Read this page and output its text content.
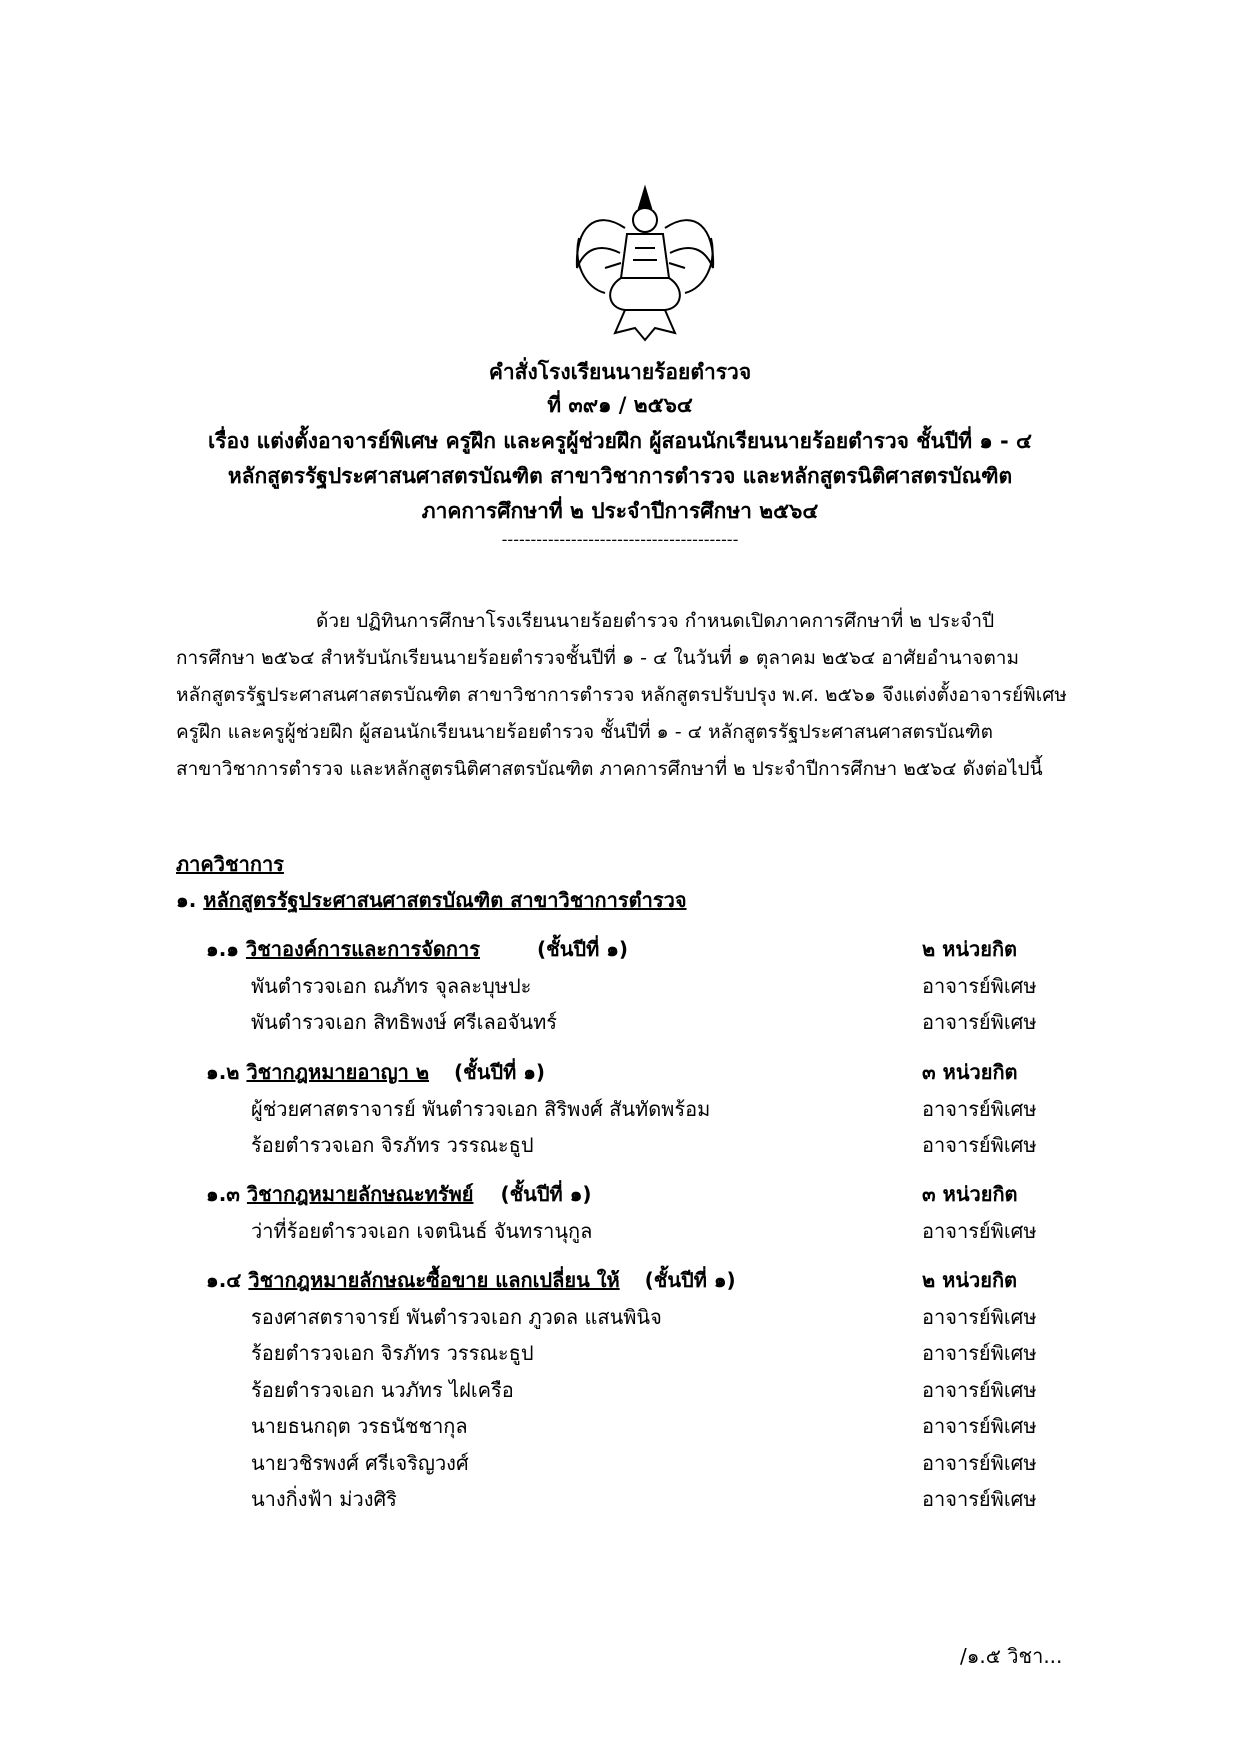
คำสั่งโรงเรียนนายร้อยตำรวจ
ที่ ๓๙๑ / ๒๕๖๔
เรื่อง แต่งตั้งอาจารย์พิเศษ ครูฝึก และครูผู้ช่วยฝึก ผู้สอนนักเรียนนายร้อยตำรวจ ชั้นปีที่ ๑ - ๔
หลักสูตรรัฐประศาสนศาสตรบัณฑิต สาขาวิชาการตำรวจ และหลักสูตรนิติศาสตรบัณฑิต
ภาคการศึกษาที่ ๒ ประจำปีการศึกษา ๒๕๖๔
-----------------------------------------

ด้วย ปฏิทินการศึกษาโรงเรียนนายร้อยตำรวจ กำหนดเปิดภาคการศึกษาที่ ๒ ประจำปี

การศึกษา ๒๕๖๔ สำหรับนักเรียนนายร้อยตำรวจชั้นปีที่ ๑ - ๔ ในวันที่ ๑ ตุลาคม ๒๕๖๔ อาศัยอำนาจตาม

หลักสูตรรัฐประศาสนศาสตรบัณฑิต สาขาวิชาการตำรวจ หลักสูตรปรับปรุง พ.ศ. ๒๕๖๑ จึงแต่งตั้งอาจารย์พิเศษ

ครูฝึก และครูผู้ช่วยฝึก ผู้สอนนักเรียนนายร้อยตำรวจ ชั้นปีที่ ๑ - ๔ หลักสูตรรัฐประศาสนศาสตรบัณฑิต

สาขาวิชาการตำรวจ และหลักสูตรนิติศาสตรบัณฑิต ภาคการศึกษาที่ ๒ ประจำปีการศึกษา ๒๕๖๔ ดังต่อไปนี้

ภาควิชาการ
๑. หลักสูตรรัฐประศาสนศาสตรบัณฑิต สาขาวิชาการตำรวจ
๑.๑ วิชาองค์การและการจัดการ	(ชั้นปีที่ ๑)	๒ หน่วยกิต
พันตำรวจเอก ณภัทร จุลละบุษปะ	อาจารย์พิเศษ
พันตำรวจเอก สิทธิพงษ์ ศรีเลอจันทร์	อาจารย์พิเศษ
๑.๒ วิชากฎหมายอาญา ๒ (ชั้นปีที่ ๑)	๓ หน่วยกิต
ผู้ช่วยศาสตราจารย์ พันตำรวจเอก สิริพงศ์ สันทัดพร้อม	อาจารย์พิเศษ
ร้อยตำรวจเอก จิรภัทร วรรณะธูป	อาจารย์พิเศษ
๑.๓ วิชากฎหมายลักษณะทรัพย์ (ชั้นปีที่ ๑)	๓ หน่วยกิต
ว่าที่ร้อยตำรวจเอก เจตนินธ์ จันทรานุกูล	อาจารย์พิเศษ
๑.๔ วิชากฎหมายลักษณะซื้อขาย แลกเปลี่ยน ให้ (ชั้นปีที่ ๑)	๒ หน่วยกิต
รองศาสตราจารย์ พันตำรวจเอก ภูวดล แสนพินิจ	อาจารย์พิเศษ
ร้อยตำรวจเอก จิรภัทร วรรณะธูป	อาจารย์พิเศษ
ร้อยตำรวจเอก นวภัทร ไฝเครือ	อาจารย์พิเศษ
นายธนกฤต วรธนัชชากุล	อาจารย์พิเศษ
นายวชิรพงศ์ ศรีเจริญวงศ์	อาจารย์พิเศษ
นางกิ่งฟ้า ม่วงศิริ	อาจารย์พิเศษ
/๑.๕ วิชา...
